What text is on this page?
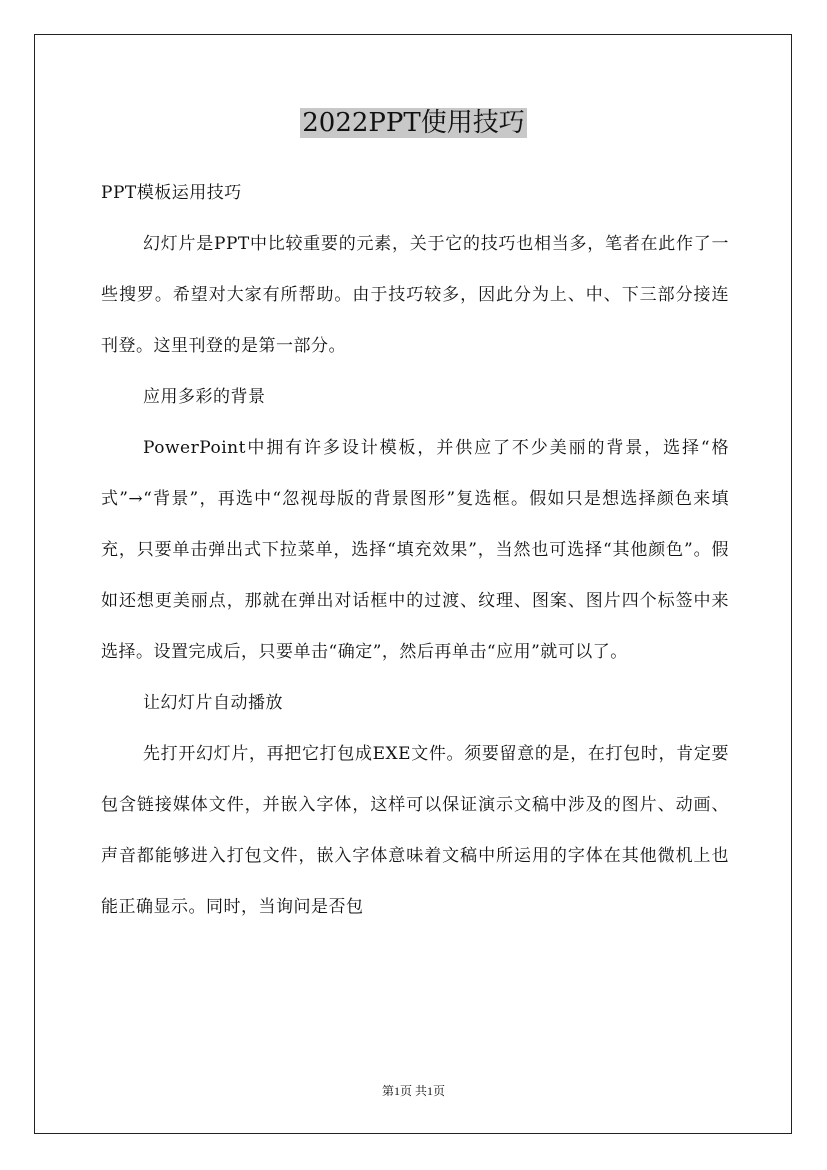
2022PPT使用技巧

PPT模板运用技巧

幻灯片是PPT中比较重要的元素，关于它的技巧也相当多，笔者在此作了一些搜罗。希望对大家有所帮助。由于技巧较多，因此分为上、中、下三部分接连刊登。这里刊登的是第一部分。

应用多彩的背景

PowerPoint中拥有许多设计模板，并供应了不少美丽的背景，选择“格式”→“背景”，再选中“忽视母版的背景图形”复选框。假如只是想选择颜色来填充，只要单击弹出式下拉菜单，选择“填充效果”，当然也可选择“其他颜色”。假如还想更美丽点，那就在弹出对话框中的过渡、纹理、图案、图片四个标签中来选择。设置完成后，只要单击“确定”，然后再单击“应用”就可以了。

让幻灯片自动播放

先打开幻灯片，再把它打包成EXE文件。须要留意的是，在打包时，肯定要包含链接媒体文件，并嵌入字体，这样可以保证演示文稿中涉及的图片、动画、声音都能够进入打包文件，嵌入字体意味着文稿中所运用的字体在其他微机上也能正确显示。同时，当询问是否包

第1页 共1页
